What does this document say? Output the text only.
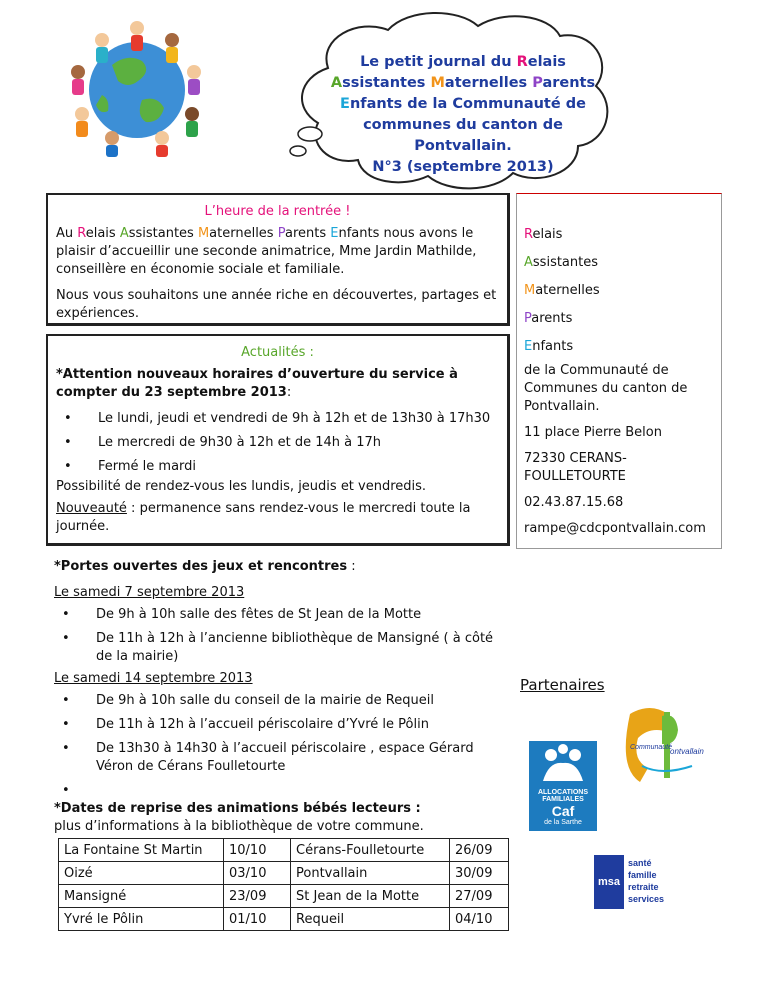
Le petit journal du Relais
Assistantes Maternelles Parents
Enfants de la Communauté de
communes du canton de Pontvallain.
N°3 (septembre 2013)

L’heure de la rentrée !

Au Relais Assistantes Maternelles Parents Enfants nous avons le plaisir d’accueillir une seconde animatrice, Mme Jardin Mathilde, conseillère en économie sociale et familiale.

Nous vous souhaitons une année riche en découvertes, partages et expériences.

Actualités :

*Attention nouveaux horaires d’ouverture du service à compter du 23 septembre 2013:

• Le lundi, jeudi et vendredi de 9h à 12h et de 13h30 à 17h30
• Le mercredi de 9h30 à 12h et de 14h à 17h
• Fermé le mardi

Possibilité de rendez-vous les lundis, jeudis et vendredis.

Nouveauté : permanence sans rendez-vous le mercredi toute la journée.

*Portes ouvertes des jeux et rencontres :

Le samedi 7 septembre 2013

• De 9h à 10h salle des fêtes de St Jean de la Motte
• De 11h à 12h à l’ancienne bibliothèque de Mansigné ( à côté de la mairie)

Le samedi 14 septembre 2013

• De 9h à 10h salle du conseil de la mairie de Requeil
• De 11h à 12h à l’accueil périscolaire d’Yvré le Pôlin
• De 13h30 à 14h30 à l’accueil périscolaire , espace Gérard Véron de Cérans Foulletourte
•

*Dates de reprise des animations bébés lecteurs :

plus d’informations à la bibliothèque de votre commune.

La Fontaine St Martin	10/10	Cérans-Foulletourte	26/09
Oizé	03/10	Pontvallain	30/09
Mansigné	23/09	St Jean de la Motte	27/09
Yvré le Pôlin	01/10	Requeil	04/10

Relais

Assistantes

Maternelles

Parents

Enfants

de la Communauté de Communes du canton de Pontvallain.

11 place Pierre Belon

72330 CERANS-FOULLETOURTE

02.43.87.15.68

rampe@cdcpontvallain.com

Partenaires
Communauté
ontvallain
ALLOCATIONS
FAMILIALES
Caf
de la Sarthe
msa
santé
famille
retraite
services
